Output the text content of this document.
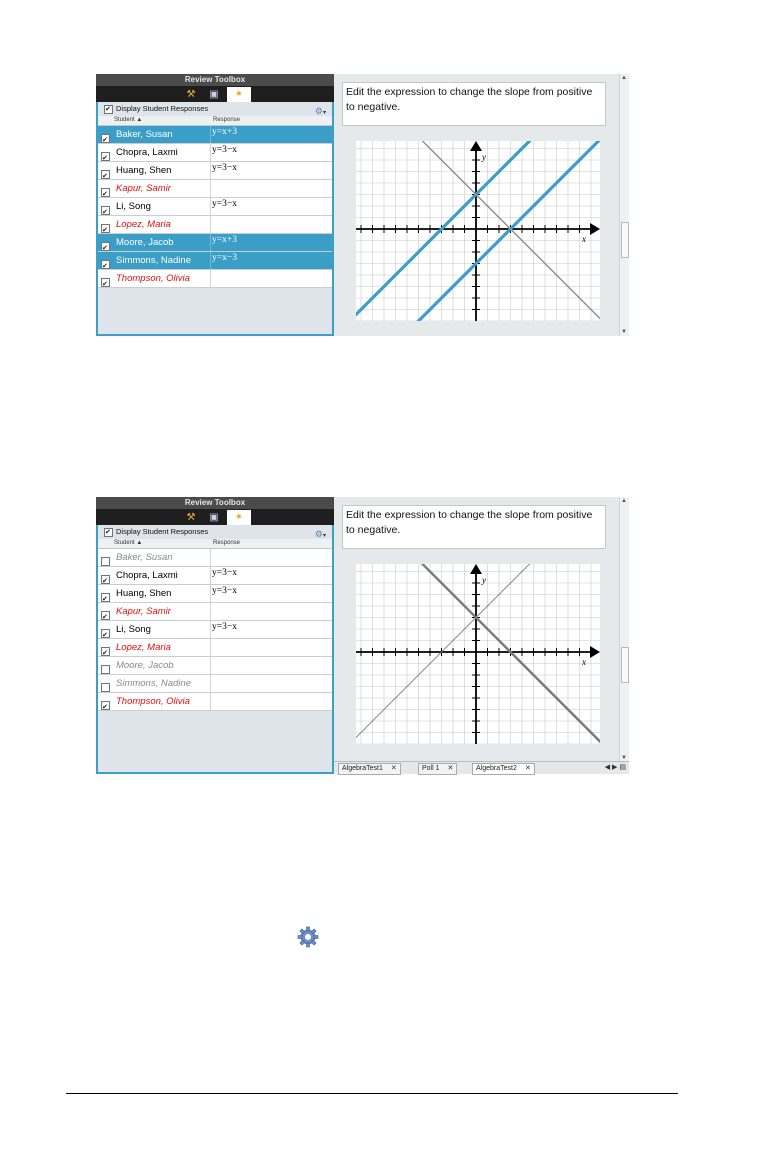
Review Toolbox
⚒	▣	✶
✔Display Student Responses	⚙▾
Student ▲	Response
✔
Baker, Susan	y=x+3
✔
Chopra, Laxmi	y=3−x
✔
Huang, Shen	y=3−x
✔
Kapur, Samir
✔
Li, Song	y=3−x
✔
Lopez, Maria
✔
Moore, Jacob	y=x+3
✔
Simmons, Nadine y=x−3
✔
Thompson, Olivia
Edit the expression to change the slope from positive to negative.
x
y
▲
▼
Review Toolbox
⚒	▣	✶
✔Display Student Responses	⚙▾
Student ▲	Response
Baker, Susan
✔
Chopra, Laxmi	y=3−x
✔
Huang, Shen	y=3−x
✔
Kapur, Samir
✔
Li, Song	y=3−x
✔
Lopez, Maria
Moore, Jacob
Simmons, Nadine
✔
Thompson, Olivia
Edit the expression to change the slope from positive to negative.
x
y
▲
▼
AlgebraTest1 ✕	Poll 1 ✕	AlgebraTest2 ✕	◀ ▶ ▤
